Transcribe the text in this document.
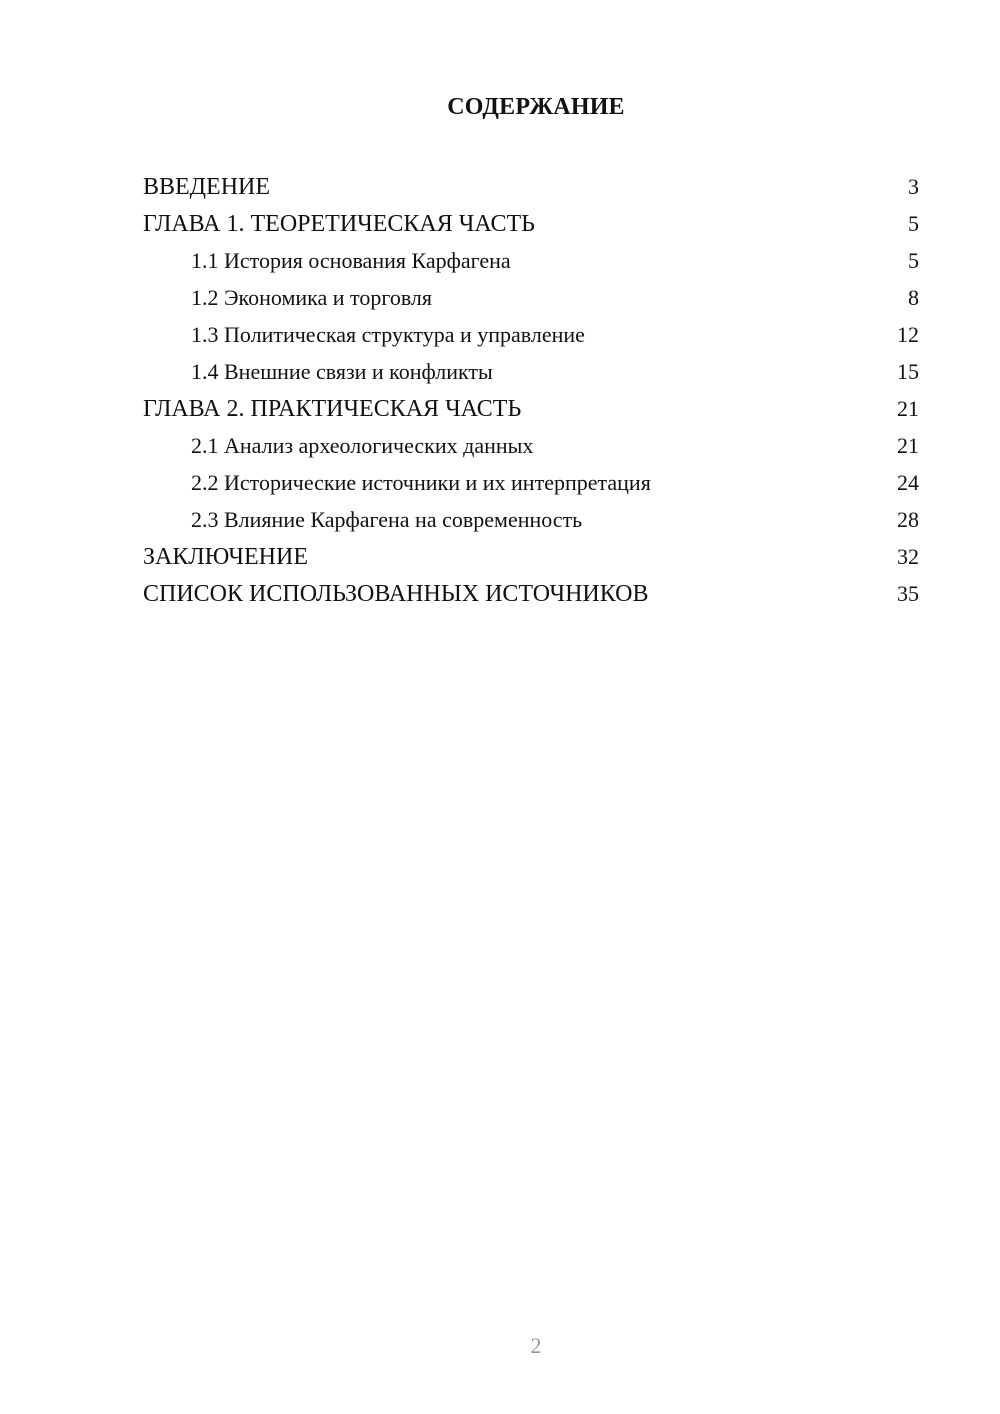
СОДЕРЖАНИЕ
ВВЕДЕНИЕ	3
ГЛАВА 1. ТЕОРЕТИЧЕСКАЯ ЧАСТЬ	5
1.1 История основания Карфагена	5
1.2 Экономика и торговля	8
1.3 Политическая структура и управление	12
1.4 Внешние связи и конфликты	15
ГЛАВА 2. ПРАКТИЧЕСКАЯ ЧАСТЬ	21
2.1 Анализ археологических данных	21
2.2 Исторические источники и их интерпретация	24
2.3 Влияние Карфагена на современность	28
ЗАКЛЮЧЕНИЕ	32
СПИСОК ИСПОЛЬЗОВАННЫХ ИСТОЧНИКОВ	35
2
